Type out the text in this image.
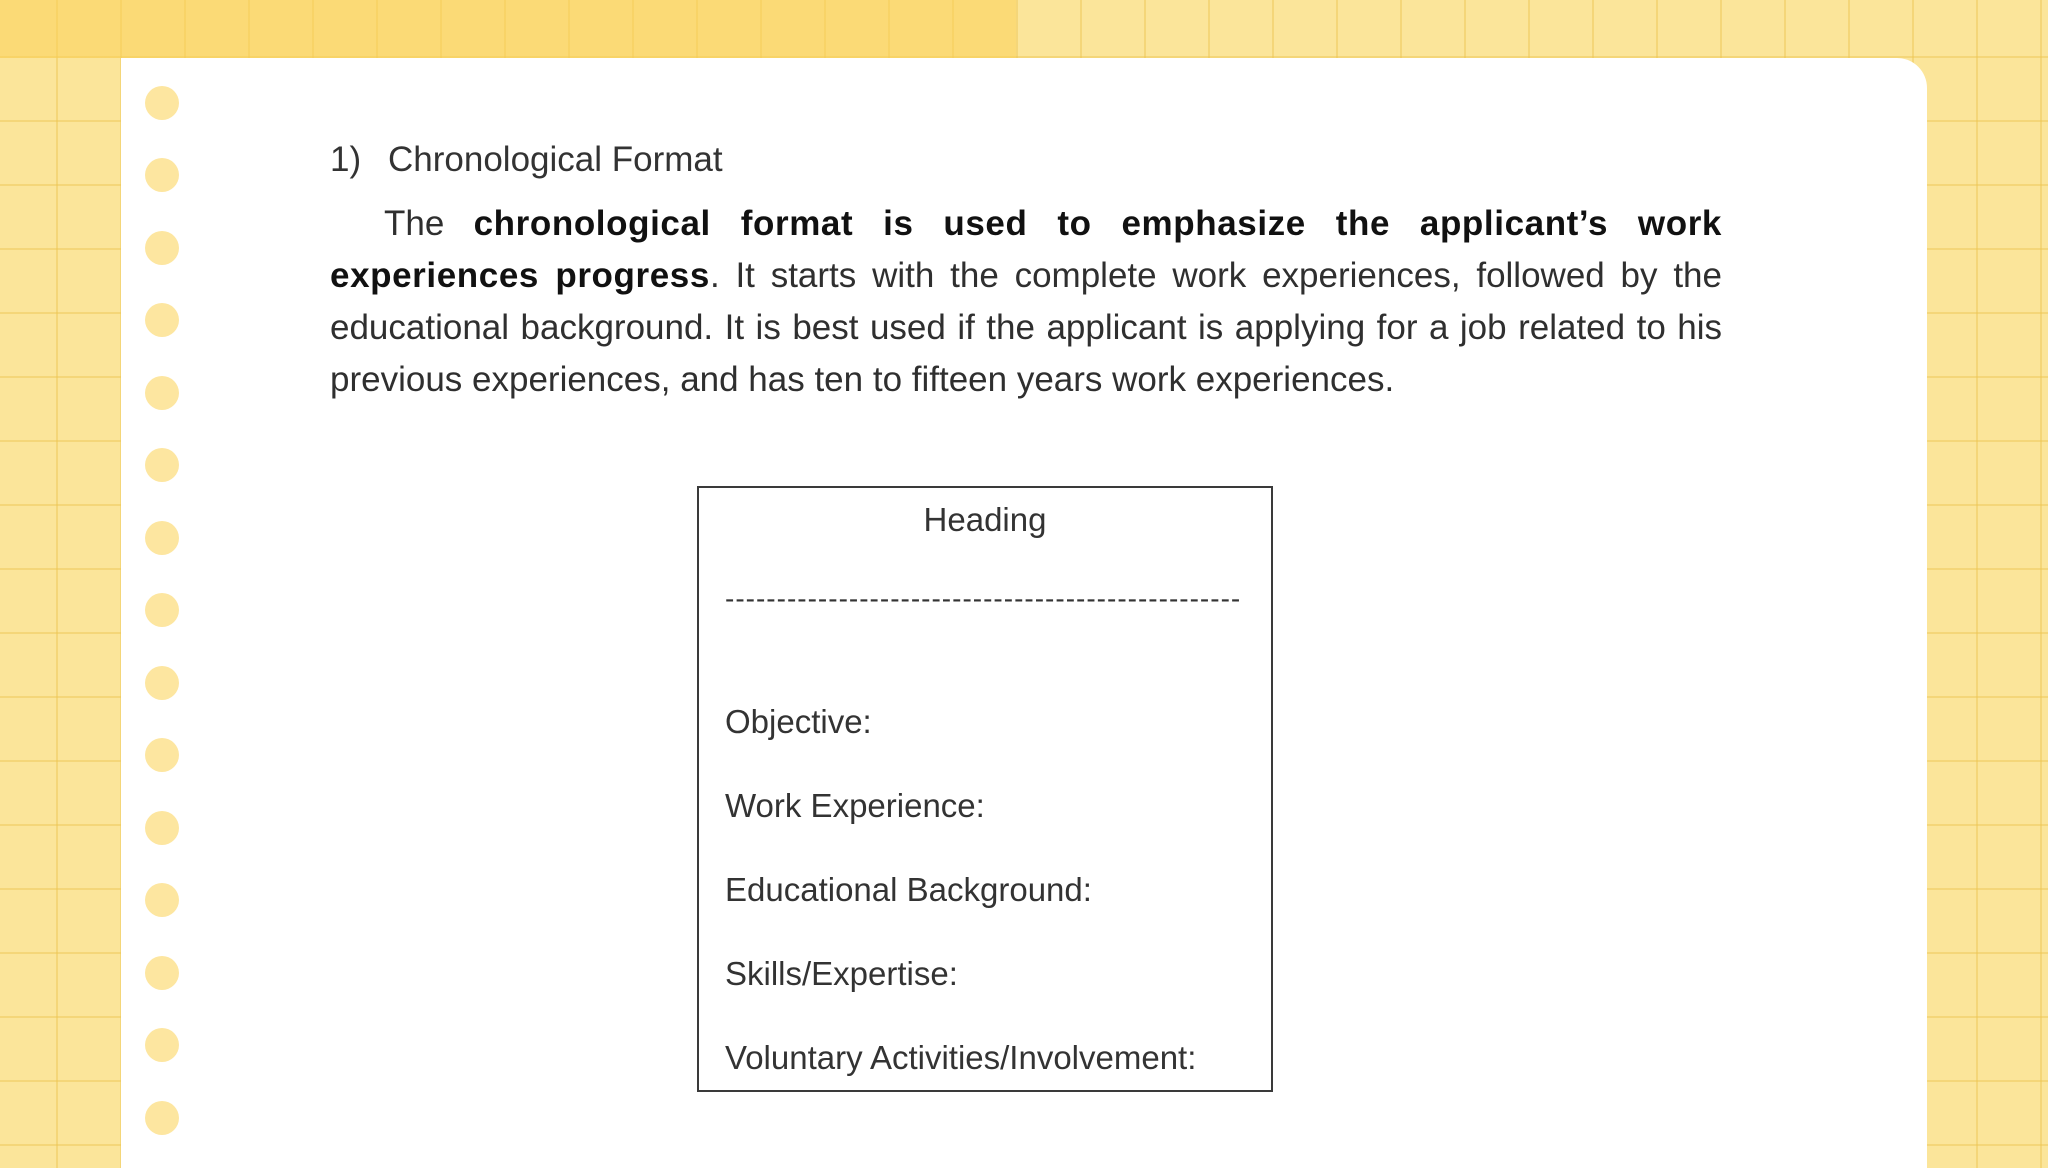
1) Chronological Format

The chronological format is used to emphasize the applicant’s work experiences progress. It starts with the complete work experiences, followed by the educational background. It is best used if the applicant is applying for a job related to his previous experiences, and has ten to fifteen years work experiences.

Heading
--------------------------------------------------
Objective:
Work Experience:
Educational Background:
Skills/Expertise:
Voluntary Activities/Involvement:
